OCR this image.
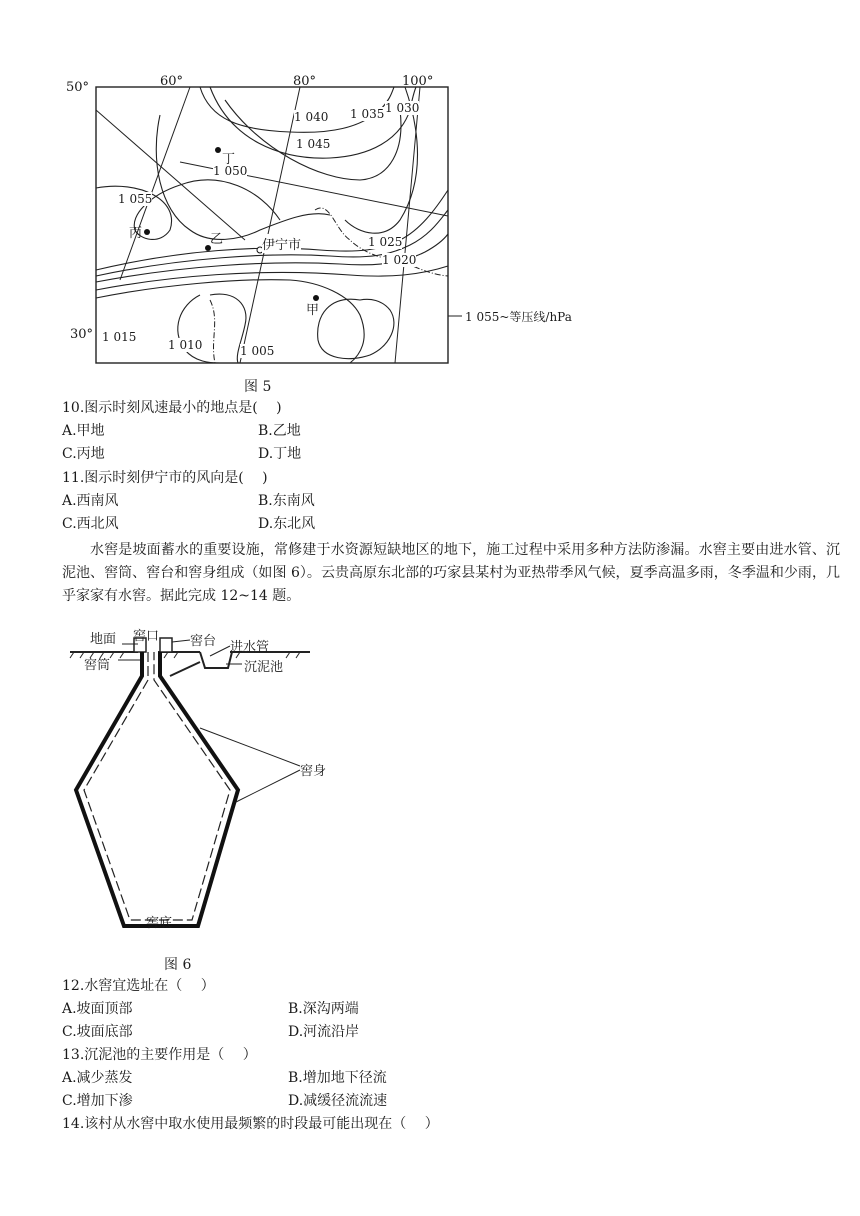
50°
30°
60°	80°	100°
1 040 1 035 1 030
1 045
1 050
1 055
1 025
1 020
1 015
1 010	1 005
丁
丙	乙	伊宁市
甲	1 055~等压线/hPa
图 5
10.图示时刻风速最小的地点是(　 )
A.甲地	B.乙地
C.丙地	D.丁地
11.图示时刻伊宁市的风向是(　 )
A.西南风	B.东南风
C.西北风	D.东北风
水窖是坡面蓄水的重要设施，常修建于水资源短缺地区的地下，施工过程中采用多种方法防渗漏。水窖主要由进水管、沉泥池、窖筒、窖台和窖身组成（如图 6）。云贵高原东北部的巧家县某村为亚热带季风气候，夏季高温多雨，冬季温和少雨，几乎家家有水窖。据此完成 12~14 题。
地面 窖口 窖台 进水管
窖筒	沉泥池
窖身
窖底
图 6
12.水窖宜选址在（　 ）
A.坡面顶部	B.深沟两端
C.坡面底部	D.河流沿岸
13.沉泥池的主要作用是（　 ）
A.减少蒸发	B.增加地下径流
C.增加下渗	D.减缓径流流速
14.该村从水窖中取水使用最频繁的时段最可能出现在（　 ）
